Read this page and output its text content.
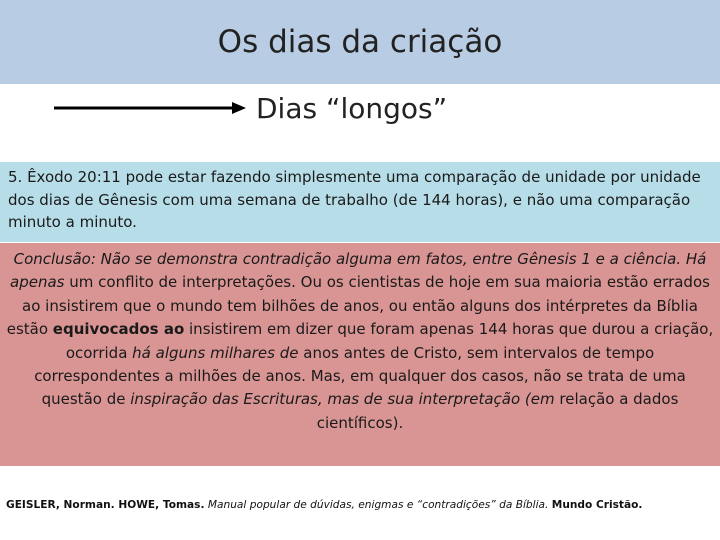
Os dias da criação
Dias “longos”
5. Êxodo 20:11 pode estar fazendo simplesmente uma comparação de unidade por unidade dos dias de Gênesis com uma semana de trabalho (de 144 horas), e não uma comparação minuto a minuto.
Conclusão: Não se demonstra contradição alguma em fatos, entre Gênesis 1 e a ciência. Há apenas um conflito de interpretações. Ou os cientistas de hoje em sua maioria estão errados ao insistirem que o mundo tem bilhões de anos, ou então alguns dos intérpretes da Bíblia estão equivocados ao insistirem em dizer que foram apenas 144 horas que durou a criação, ocorrida há alguns milhares de anos antes de Cristo, sem intervalos de tempo correspondentes a milhões de anos. Mas, em qualquer dos casos, não se trata de uma questão de inspiração das Escrituras, mas de sua interpretação (em relação a dados científicos).
GEISLER, Norman. HOWE, Tomas. Manual popular de dúvidas, enigmas e “contradições” da Bíblia. Mundo Cristão.
